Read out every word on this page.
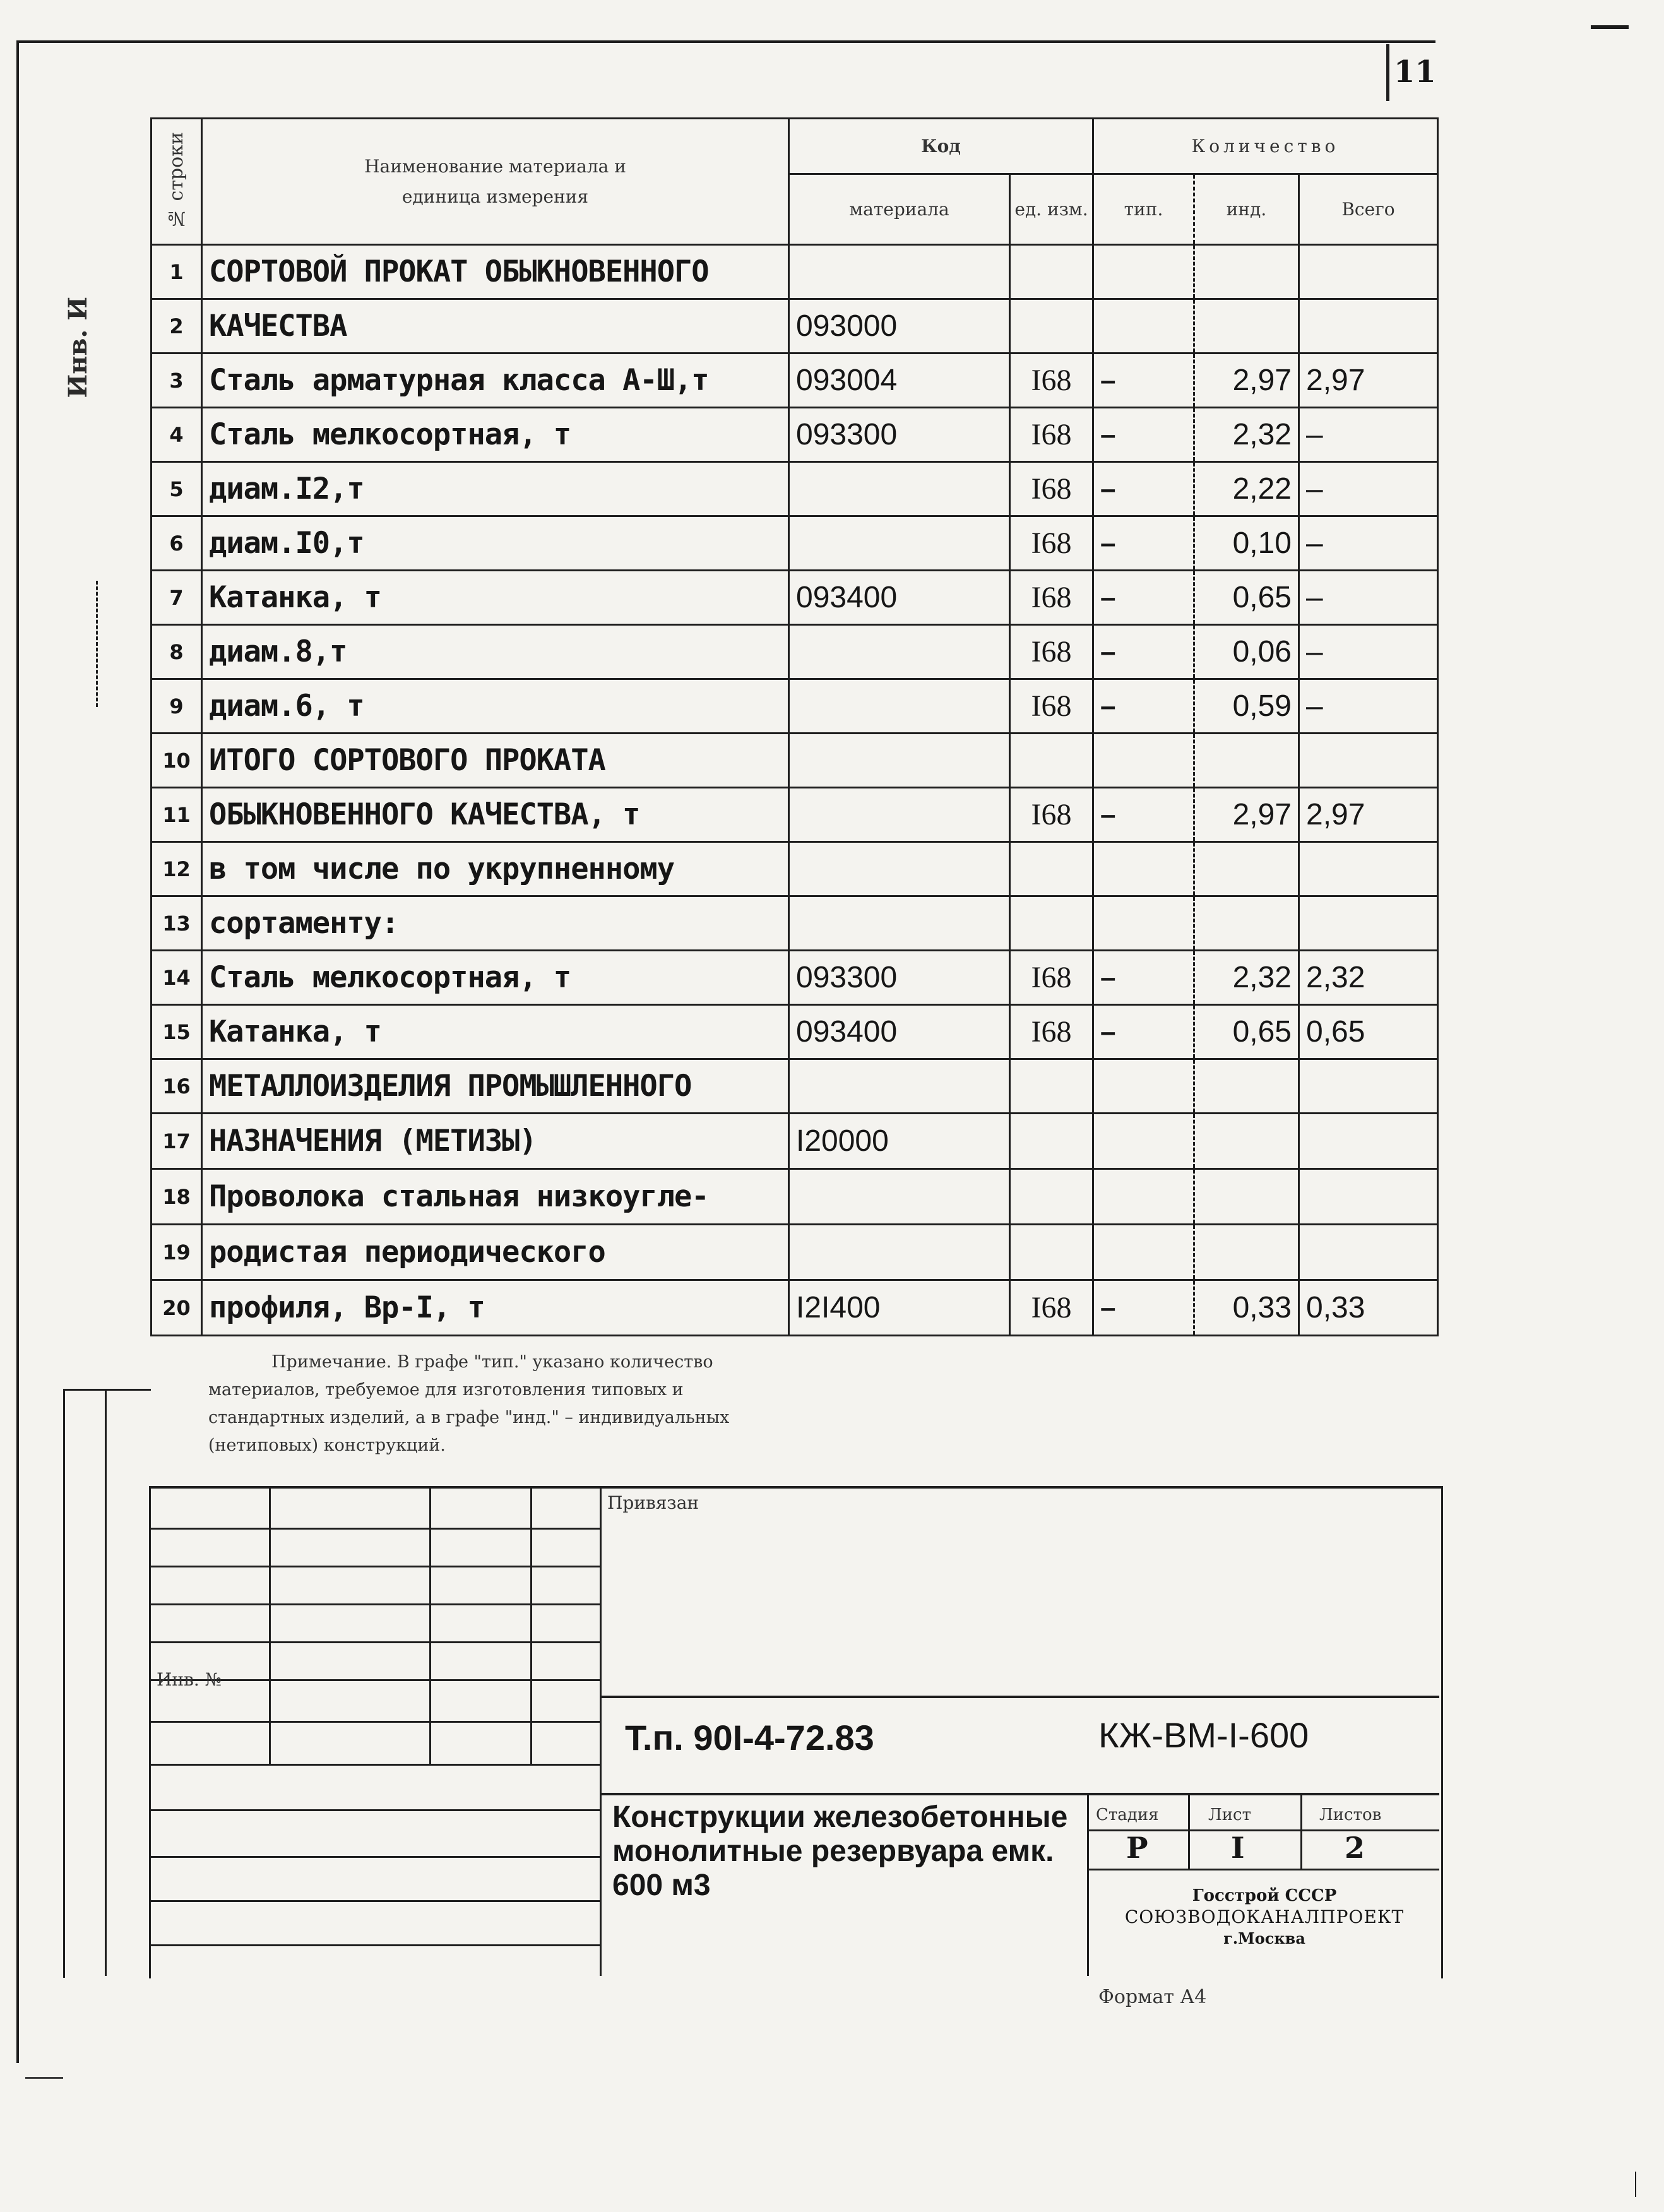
11
Инв. И
№ строки	Наименование материала и единица измерения	Код		Количество		
		материала	ед. изм.	тип.	инд.	Всего
1	СОРТОВОЙ ПРОКАТ ОБЫКНОВЕННОГО					
2	КАЧЕСТВА	093000				
3	Сталь арматурная класса А-Ш,т	093004	I68	–	2,97	2,97
4	Сталь мелкосортная, т	093300	I68	–	2,32	–
5	диам.I2,т		I68	–	2,22	–
6	диам.I0,т		I68	–	0,10	–
7	Катанка, т	093400	I68	–	0,65	–
8	диам.8,т		I68	–	0,06	–
9	диам.6, т		I68	–	0,59	–
10	ИТОГО СОРТОВОГО ПРОКАТА					
11	ОБЫКНОВЕННОГО КАЧЕСТВА, т		I68	–	2,97	2,97
12	в том числе по укрупненному					
13	сортаменту:					
14	Сталь мелкосортная, т	093300	I68	–	2,32	2,32
15	Катанка, т	093400	I68	–	0,65	0,65
16	МЕТАЛЛОИЗДЕЛИЯ ПРОМЫШЛЕННОГО					
17	НАЗНАЧЕНИЯ (МЕТИЗЫ)	I20000				
18	Проволока стальная низкоугле-					
19	родистая периодического					
20	профиля, Вр-I, т	I2I400	I68	–	0,33	0,33
Примечание. В графе "тип." указано количество
материалов, требуемое для изготовления типовых и
стандартных изделий, а в графе "инд." – индивидуальных
(нетиповых) конструкций.
Инв. №
Привязан
Т.п. 90I-4-72.83	КЖ-ВМ-I-600
Конструкции железобетонные
монолитные резервуара емк.
600 м3
Стадия	Лист	Листов
Р	I	2
Госстрой СССР
СОЮЗВОДОКАНАЛПРОЕКТ
г.Москва
Формат А4
